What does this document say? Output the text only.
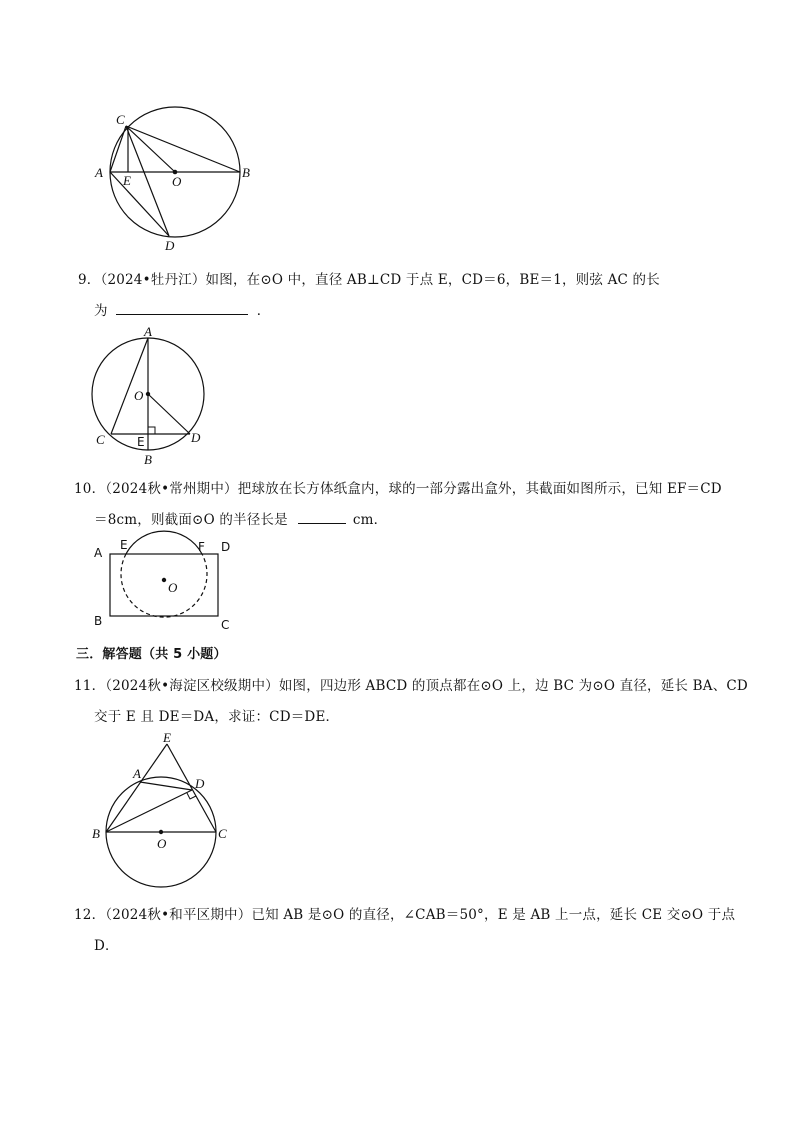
C
A
E	O
B
D
9．（2024•牡丹江）如图，在⊙O 中，直径 AB⊥CD 于点 E，CD＝6，BE＝1，则弦 AC 的长
为	．
A
O
C	E	D
B
10．（2024秋•常州期中）把球放在长方体纸盒内，球的一部分露出盒外，其截面如图所示，已知 EF＝CD
＝8cm，则截面⊙O 的半径长是	cm．
A
E	F D
O
B	C
三．解答题（共 5 小题）
11．（2024秋•海淀区校级期中）如图，四边形 ABCD 的顶点都在⊙O 上，边 BC 为⊙O 直径，延长 BA、CD
交于 E 且 DE＝DA，求证：CD＝DE．
E
A
D
B
O
C
12．（2024秋•和平区期中）已知 AB 是⊙O 的直径，∠CAB＝50°，E 是 AB 上一点，延长 CE 交⊙O 于点
D．
